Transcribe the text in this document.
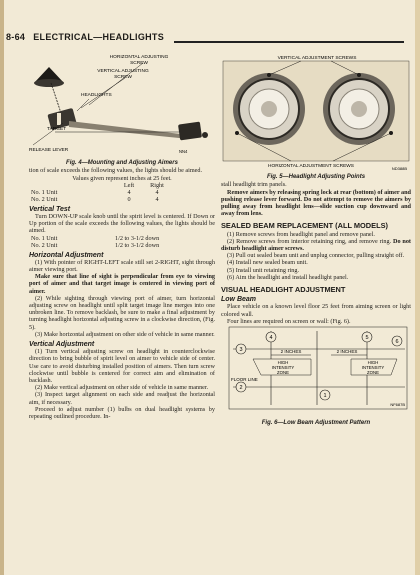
8-64 ELECTRICAL—HEADLIGHTS
HORIZONTAL ADJUSTING
SCREW
VERTICAL ADJUSTING
SCREW
HEADLIGHTS
TARGET
RELEASE LEVER	NN4
Fig. 4—Mounting and Adjusting Aimers

tion of scale exceeds the following values, the lights should be aimed.

Values given represent inches at 25 feet.

Left	Right
No. 1 Unit	4	4
No. 2 Unit	0	4
Vertical Test

Turn DOWN-UP scale knob until the spirit level is centered. If Down or Up portion of the scale exceeds the following values, the lights should be aimed.

No. 1 Unit	1/2 to 3-1/2 down
No. 2 Unit	1/2 to 3-1/2 down
Horizontal Adjustment

(1) With pointer of RIGHT-LEFT scale still set 2-RIGHT, sight through aimer viewing port.

Make sure that line of sight is perpendicular from eye to viewing port of aimer and that target image is centered in viewing port of aimer.

(2) While sighting through viewing port of aimer, turn horizontal adjusting screw on headlight until split target image line merges into one unbroken line. To remove backlash, be sure to make a final adjustment by turning headlight horizontal adjusting screw in a clockwise direction, (Fig. 5).

(3) Make horizontal adjustment on other side of vehicle in same manner.

Vertical Adjustment

(1) Turn vertical adjusting screw on headlight in counterclockwise direction to bring bubble of spirit level on aimer to vehicle side of center. Use care to avoid disturbing installed position of aimers. Then turn screw clockwise until bubble is centered for correct aim and elimination of backlash.

(2) Make vertical adjustment on other side of vehicle in same manner.

(3) Inspect target alignment on each side and readjust the horizontal aim, if necessary.

Proceed to adjust number (1) bulbs on dual headlight systems by repeating outlined procedure. In-

VERTICAL ADJUSTMENT SCREWS
HORIZONTAL ADJUSTMENT SCREWS	ND388B
Fig. 5—Headlight Adjusting Points

stall headlight trim panels.

Remove aimers by releasing spring lock at rear (bottom) of aimer and pushing release lever forward. Do not attempt to remove the aimers by pulling away from headlight lens—slide suction cup downward and away from lens.

SEALED BEAM REPLACEMENT (ALL MODELS)

(1) Remove screws from headlight panel and remove panel.

(2) Remove screws from interior retaining ring, and remove ring. Do not disturb headlight aimer screws.

(3) Pull out sealed beam unit and unplug connector, pulling straight off.

(4) Install new sealed beam unit.

(5) Install unit retaining ring.

(6) Aim the headlight and install headlight panel.

VISUAL HEADLIGHT ADJUSTMENT
Low Beam

Place vehicle on a known level floor 25 feet from aiming screen or light colored wall.

Four lines are required on screen or wall: (Fig. 6).

4	5
3
6
2
1
2 INCHES	2 INCHES
HIGH
INTENSITY
ZONE
HIGH
INTENSITY
ZONE
FLOOR LINE
NF687B
Fig. 6—Low Beam Adjustment Pattern
